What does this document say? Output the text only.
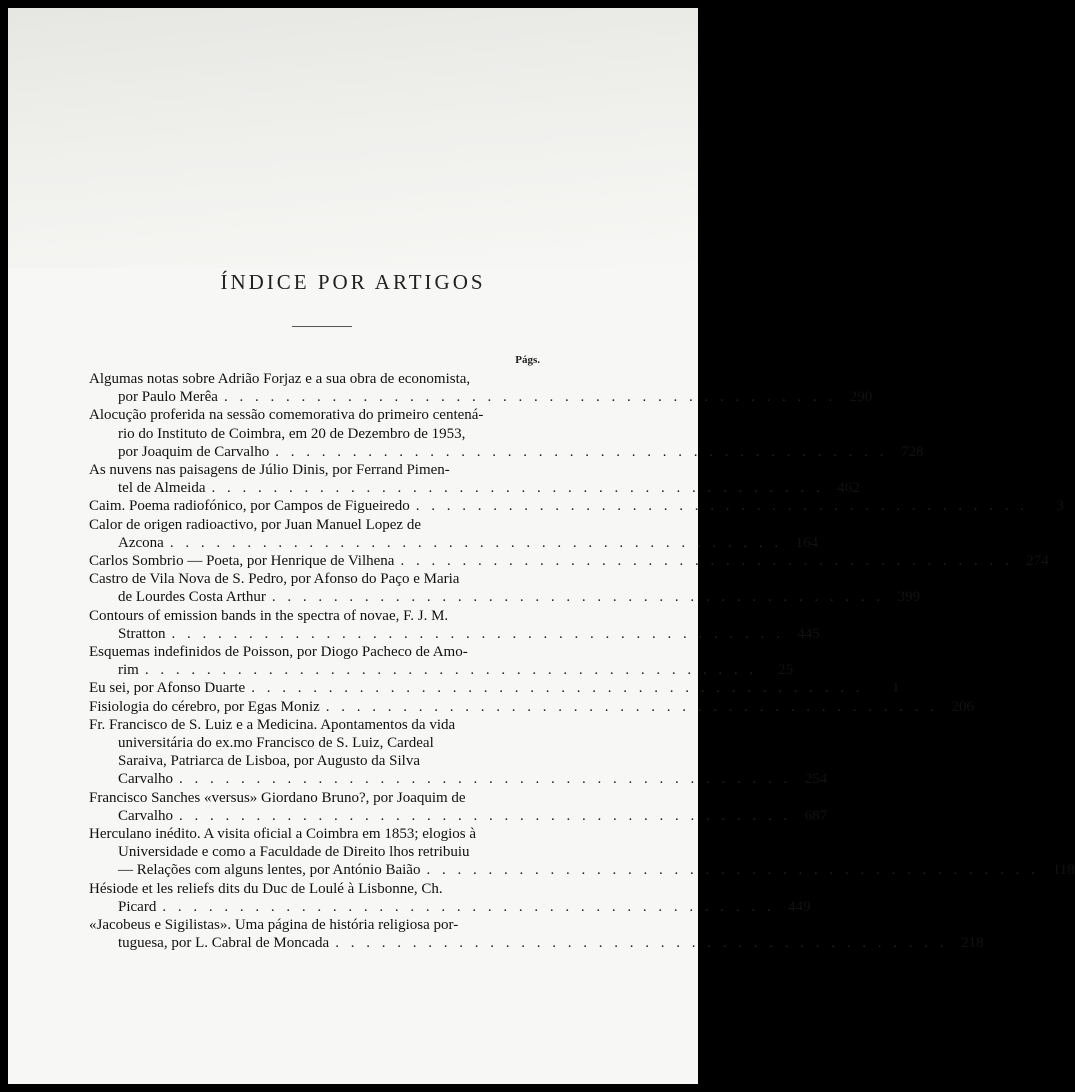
ÍNDICE POR ARTIGOS
Págs.
Algumas notas sobre Adrião Forjaz e a sua obra de economista,
por Paulo Merêa . . . . . . . . . . . . . . . . . . . . . . . . . . . . . . . . . . . . . . . . 290
Alocução proferida na sessão comemorativa do primeiro centená-
rio do Instituto de Coimbra, em 20 de Dezembro de 1953,
por Joaquim de Carvalho . . . . . . . . . . . . . . . . . . . . . . . . . . . . . . . . . . . . . . . . 728
As nuvens nas paisagens de Júlio Dinis, por Ferrand Pimen-
tel de Almeida . . . . . . . . . . . . . . . . . . . . . . . . . . . . . . . . . . . . . . . . 462
Caim. Poema radiofónico, por Campos de Figueiredo . . . . . . . . . . . . . . . . . . . . . . . . . . . . . . . . . . . . . . . .	3
Calor de origen radioactivo, por Juan Manuel Lopez de
Azcona . . . . . . . . . . . . . . . . . . . . . . . . . . . . . . . . . . . . . . . . 164
Carlos Sombrio — Poeta, por Henrique de Vilhena . . . . . . . . . . . . . . . . . . . . . . . . . . . . . . . . . . . . . . . . 274
Castro de Vila Nova de S. Pedro, por Afonso do Paço e Maria
de Lourdes Costa Arthur . . . . . . . . . . . . . . . . . . . . . . . . . . . . . . . . . . . . . . . . 399
Contours of emission bands in the spectra of novae, F. J. M.
Stratton . . . . . . . . . . . . . . . . . . . . . . . . . . . . . . . . . . . . . . . . 445
Esquemas indefinidos de Poisson, por Diogo Pacheco de Amo-
rim . . . . . . . . . . . . . . . . . . . . . . . . . . . . . . . . . . . . . . . .	25
Eu sei, por Afonso Duarte . . . . . . . . . . . . . . . . . . . . . . . . . . . . . . . . . . . . . . . .	1
Fisiologia do cérebro, por Egas Moniz . . . . . . . . . . . . . . . . . . . . . . . . . . . . . . . . . . . . . . . . 206
Fr. Francisco de S. Luiz e a Medicina. Apontamentos da vida
universitária do ex.mo Francisco de S. Luiz, Cardeal
Saraiva, Patriarca de Lisboa, por Augusto da Silva
Carvalho . . . . . . . . . . . . . . . . . . . . . . . . . . . . . . . . . . . . . . . . 254
Francisco Sanches «versus» Giordano Bruno?, por Joaquim de
Carvalho . . . . . . . . . . . . . . . . . . . . . . . . . . . . . . . . . . . . . . . . 687
Herculano inédito. A visita oficial a Coimbra em 1853; elogios à
Universidade e como a Faculdade de Direito lhos retribuiu
— Relações com alguns lentes, por António Baião . . . . . . . . . . . . . . . . . . . . . . . . . . . . . . . . . . . . . . . . 118
Hésiode et les reliefs dits du Duc de Loulé à Lisbonne, Ch.
Picard . . . . . . . . . . . . . . . . . . . . . . . . . . . . . . . . . . . . . . . . 449
«Jacobeus e Sigilistas». Uma página de história religiosa por-
tuguesa, por L. Cabral de Moncada . . . . . . . . . . . . . . . . . . . . . . . . . . . . . . . . . . . . . . . . 218
